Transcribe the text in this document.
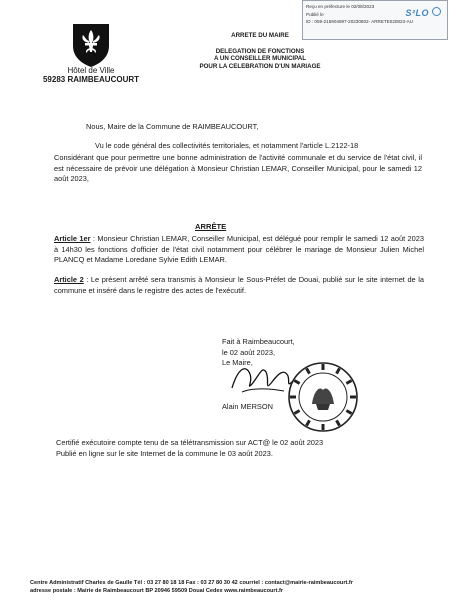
Reçu en préfecture le 02/08/2023
Publié le
ID : 059-215904897-20230802- ARRETE020823-AU
S²LO
Hôtel de Ville
59283 RAIMBEAUCOURT
ARRETE DU MAIRE
DELEGATION DE FONCTIONS
A UN CONSEILLER MUNICIPAL
POUR LA CELEBRATION D'UN MARIAGE
Nous, Maire de la Commune de RAIMBEAUCOURT,
Vu le code général des collectivités territoriales, et notamment l'article L.2122-18
Considérant que pour permettre une bonne administration de l'activité communale et du service de l'état civil, il est nécessaire de prévoir une délégation à Monsieur Christian LEMAR, Conseiller Municipal, pour le samedi 12 août 2023,
ARRÊTE
Article 1er : Monsieur Christian LEMAR, Conseiller Municipal, est délégué pour remplir le samedi 12 août 2023 à 14h30 les fonctions d'officier de l'état civil notamment pour célébrer le mariage de Monsieur Julien Michel PLANCQ et Madame Loredane Sylvie Edith LEMAR.
Article 2 : Le présent arrêté sera transmis à Monsieur le Sous-Préfet de Douai, publié sur le site internet de la commune et inséré dans le registre des actes de l'exécutif.
Fait à Raimbeaucourt,
le 02 août 2023,
Le Maire,
Alain MERSON
Certifié exécutoire compte tenu de sa télétransmission sur ACT@ le 02 août 2023
Publié en ligne sur le site Internet de la commune le 03 août 2023.
Centre Administratif Charles de Gaulle Tél : 03 27 80 18 18 Fax : 03 27 80 30 42 courriel : contact@mairie-raimbeaucourt.fr
adresse postale : Mairie de Raimbeaucourt BP 20946 59509 Douai Cedex www.raimbeaucourt.fr
